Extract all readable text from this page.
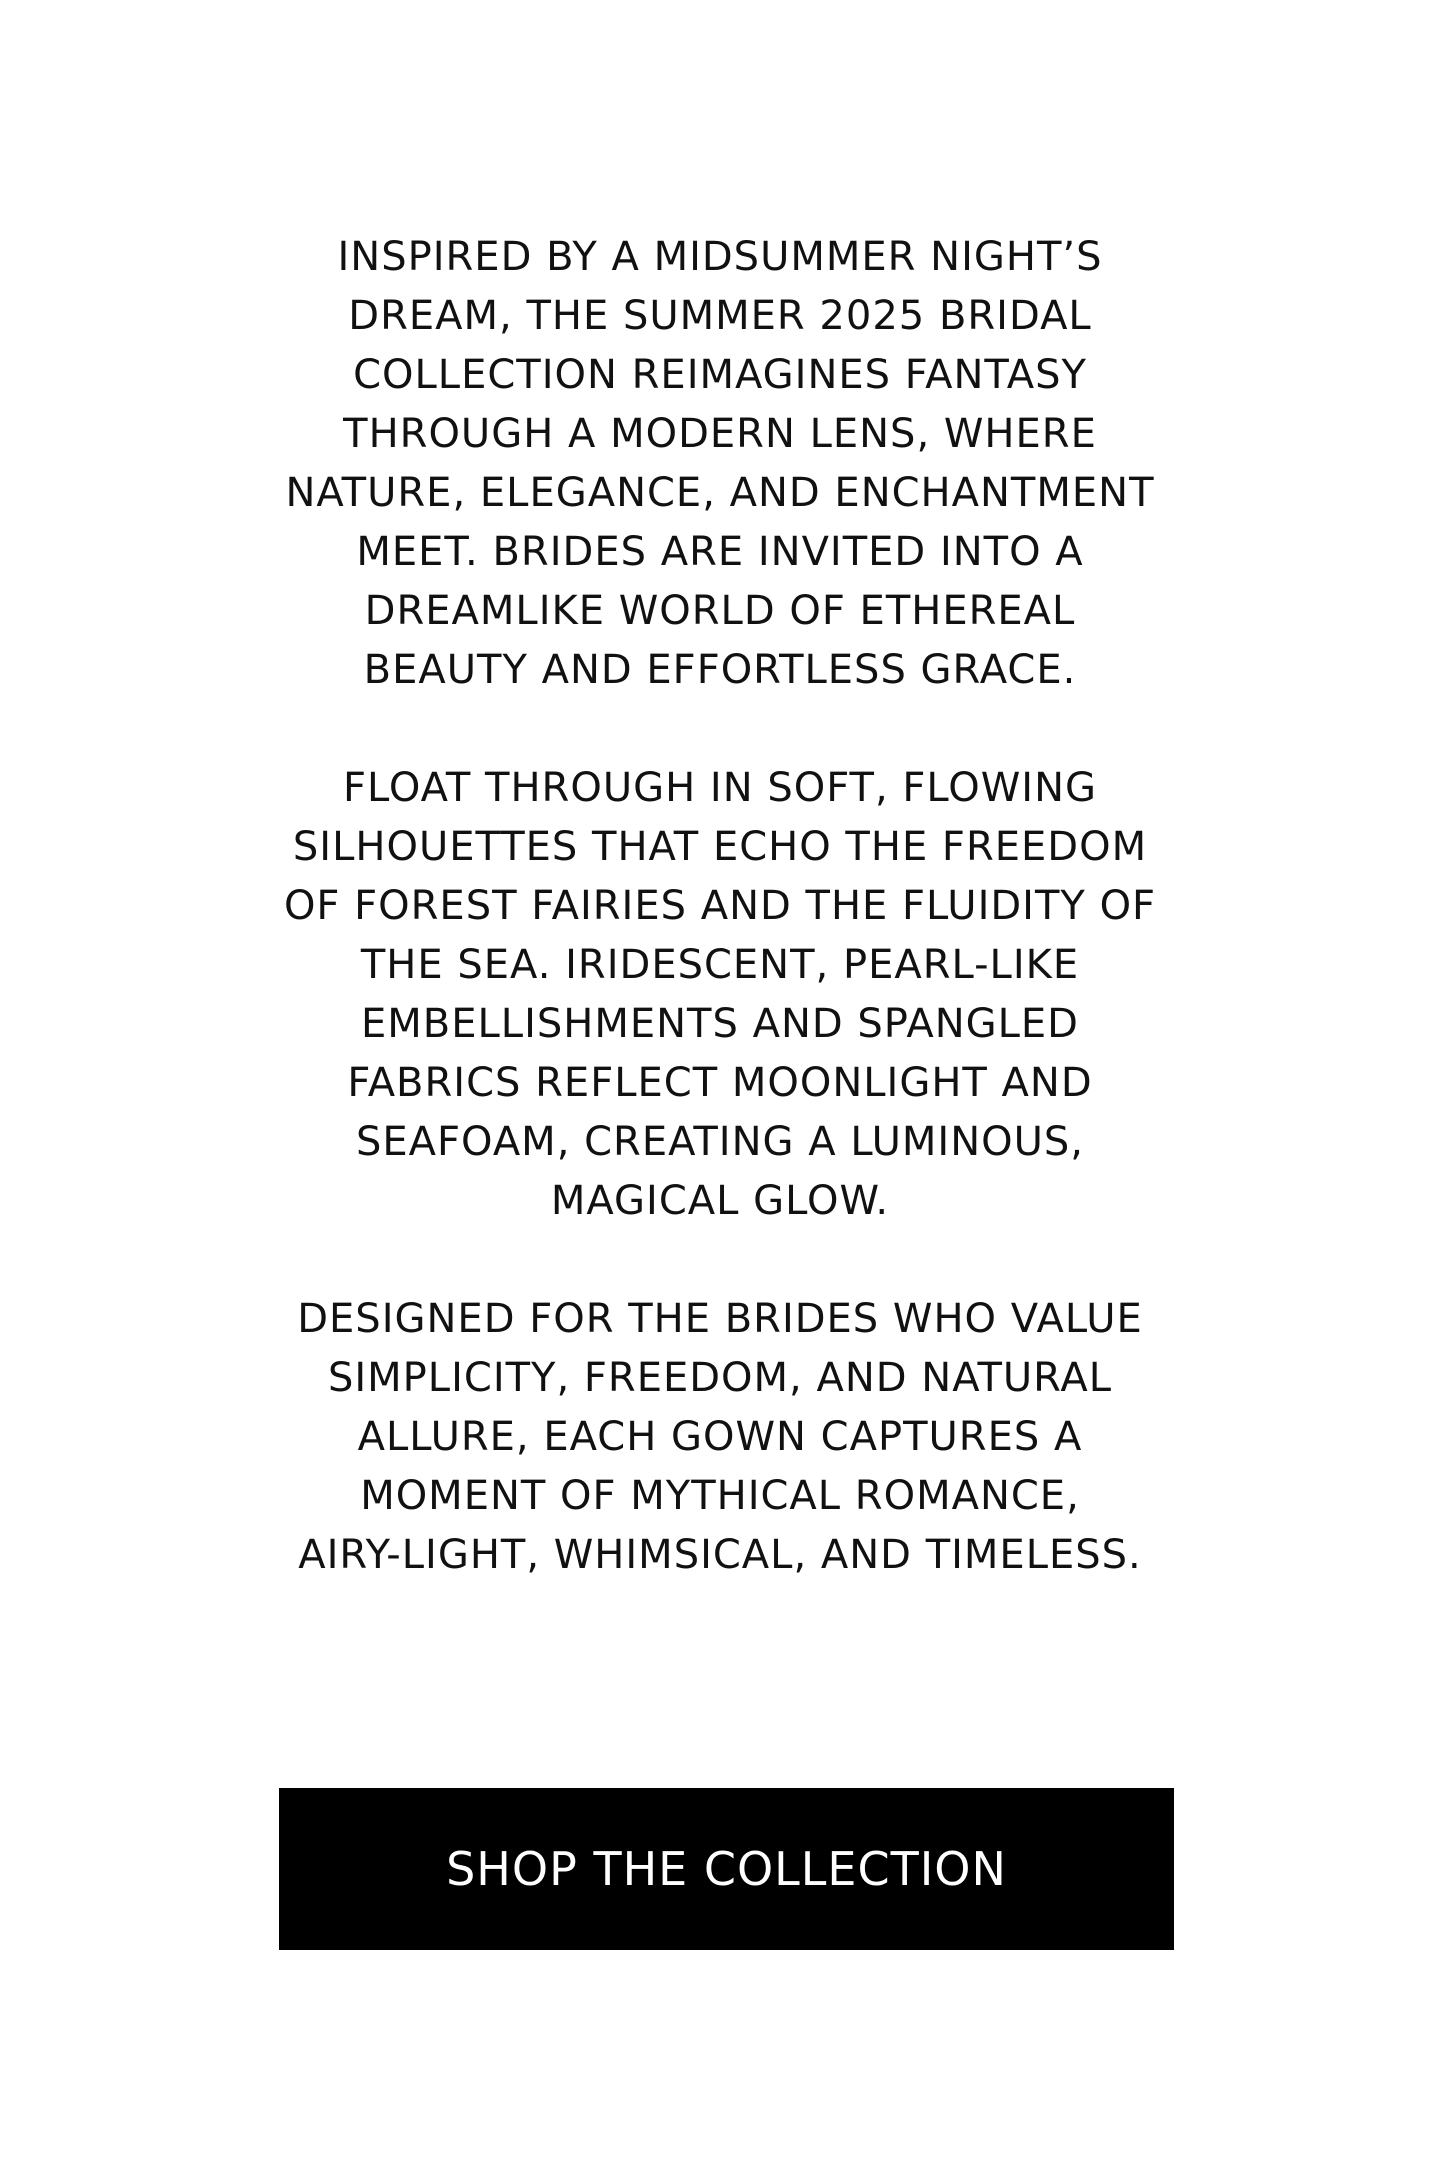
INSPIRED BY A MIDSUMMER NIGHT’S
DREAM, THE SUMMER 2025 BRIDAL
COLLECTION REIMAGINES FANTASY
THROUGH A MODERN LENS, WHERE
NATURE, ELEGANCE, AND ENCHANTMENT
MEET. BRIDES ARE INVITED INTO A
DREAMLIKE WORLD OF ETHEREAL
BEAUTY AND EFFORTLESS GRACE.

FLOAT THROUGH IN SOFT, FLOWING
SILHOUETTES THAT ECHO THE FREEDOM
OF FOREST FAIRIES AND THE FLUIDITY OF
THE SEA. IRIDESCENT, PEARL-LIKE
EMBELLISHMENTS AND SPANGLED
FABRICS REFLECT MOONLIGHT AND
SEAFOAM, CREATING A LUMINOUS,
MAGICAL GLOW.

DESIGNED FOR THE BRIDES WHO VALUE
SIMPLICITY, FREEDOM, AND NATURAL
ALLURE, EACH GOWN CAPTURES A
MOMENT OF MYTHICAL ROMANCE,
AIRY-LIGHT, WHIMSICAL, AND TIMELESS.

SHOP THE COLLECTION
